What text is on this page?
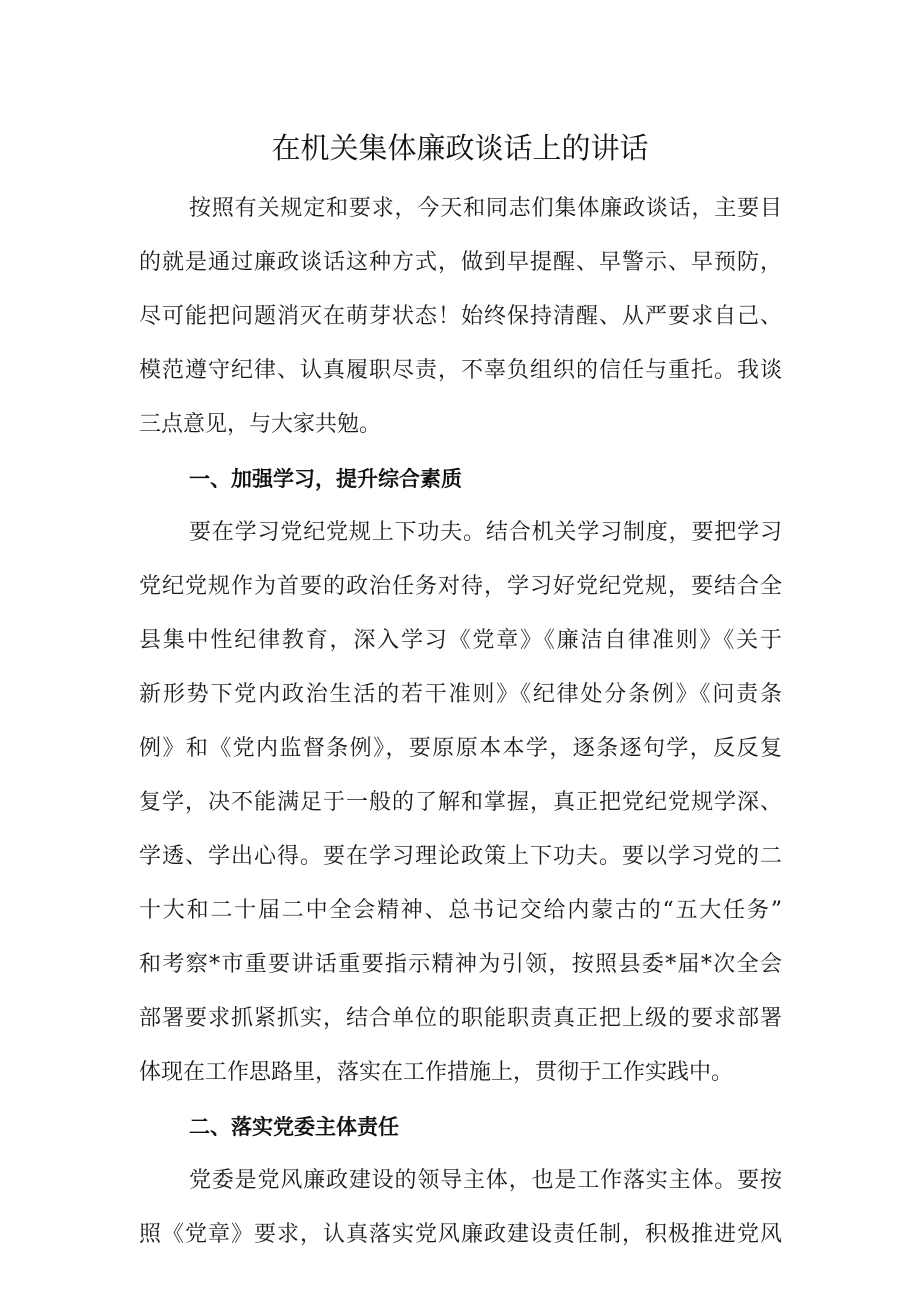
在机关集体廉政谈话上的讲话
按照有关规定和要求，今天和同志们集体廉政谈话，主要目
的就是通过廉政谈话这种方式，做到早提醒、早警示、早预防，
尽可能把问题消灭在萌芽状态！始终保持清醒、从严要求自己、
模范遵守纪律、认真履职尽责，不辜负组织的信任与重托。我谈
三点意见，与大家共勉。
一、加强学习，提升综合素质
要在学习党纪党规上下功夫。结合机关学习制度，要把学习
党纪党规作为首要的政治任务对待，学习好党纪党规，要结合全
县集中性纪律教育，深入学习《党章》《廉洁自律准则》《关于
新形势下党内政治生活的若干准则》《纪律处分条例》《问责条
例》和《党内监督条例》，要原原本本学，逐条逐句学，反反复
复学，决不能满足于一般的了解和掌握，真正把党纪党规学深、
学透、学出心得。要在学习理论政策上下功夫。要以学习党的二
十大和二十届二中全会精神、总书记交给内蒙古的“五大任务”
和考察*市重要讲话重要指示精神为引领，按照县委*届*次全会
部署要求抓紧抓实，结合单位的职能职责真正把上级的要求部署
体现在工作思路里，落实在工作措施上，贯彻于工作实践中。
二、落实党委主体责任
党委是党风廉政建设的领导主体，也是工作落实主体。要按
照《党章》要求，认真落实党风廉政建设责任制，积极推进党风
